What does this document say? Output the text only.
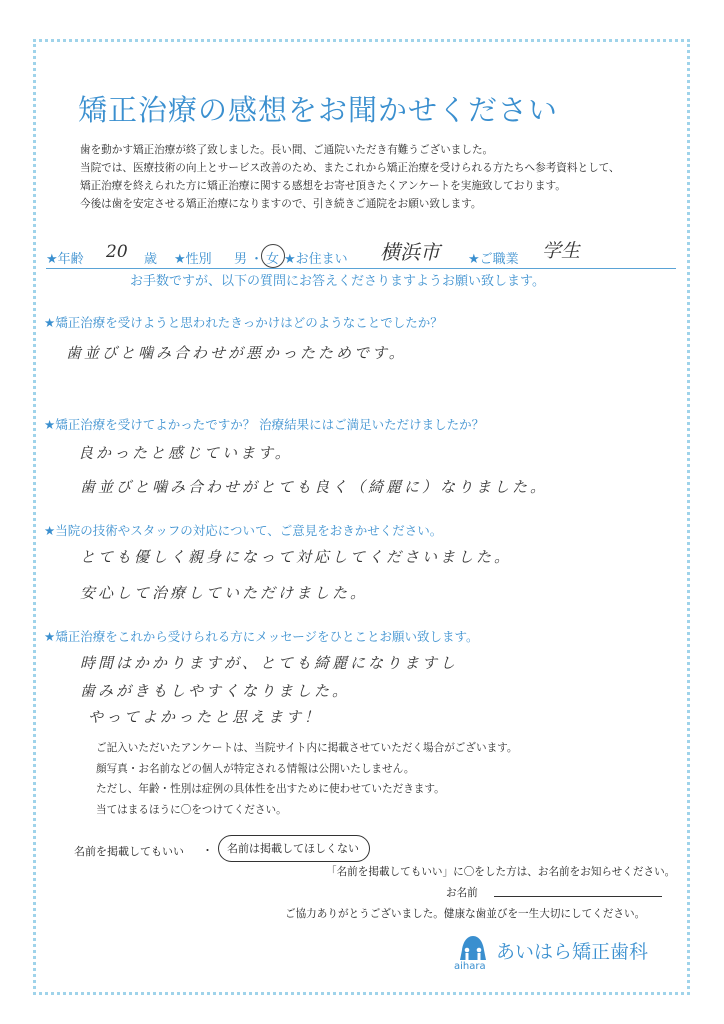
矯正治療の感想をお聞かせください
歯を動かす矯正治療が終了致しました。長い間、ご通院いただき有難うございました。
当院では、医療技術の向上とサービス改善のため、またこれから矯正治療を受けられる方たちへ参考資料として、
矯正治療を終えられた方に矯正治療に関する感想をお寄せ頂きたくアンケートを実施致しております。
今後は歯を安定させる矯正治療になりますので、引き続きご通院をお願い致します。
★年齢 20 歳 ★性別 男 ・ 女 ★お住まい 横浜市 ★ご職業 学生
お手数ですが、以下の質問にお答えくださりますようお願い致します。
★矯正治療を受けようと思われたきっかけはどのようなことでしたか？
歯並びと噛み合わせが悪かったためです。
★矯正治療を受けてよかったですか？ 治療結果にはご満足いただけましたか？
良かったと感じています。
歯並びと噛み合わせがとても良く（綺麗に）なりました。
★当院の技術やスタッフの対応について、ご意見をおきかせください。
とても優しく親身になって対応してくださいました。
安心して治療していただけました。
★矯正治療をこれから受けられる方にメッセージをひとことお願い致します。
時間はかかりますが、とても綺麗になりますし
歯みがきもしやすくなりました。
やってよかったと思えます！
ご記入いただいたアンケートは、当院サイト内に掲載させていただく場合がございます。
顔写真・お名前などの個人が特定される情報は公開いたしません。
ただし、年齢・性別は症例の具体性を出すために使わせていただきます。
当てはまるほうに〇をつけてください。
名前を掲載してもいい ・	名前は掲載してほしくない
「名前を掲載してもいい」に〇をした方は、お名前をお知らせください。
お名前
ご協力ありがとうございました。健康な歯並びを一生大切にしてください。
aihara
あいはら矯正歯科
